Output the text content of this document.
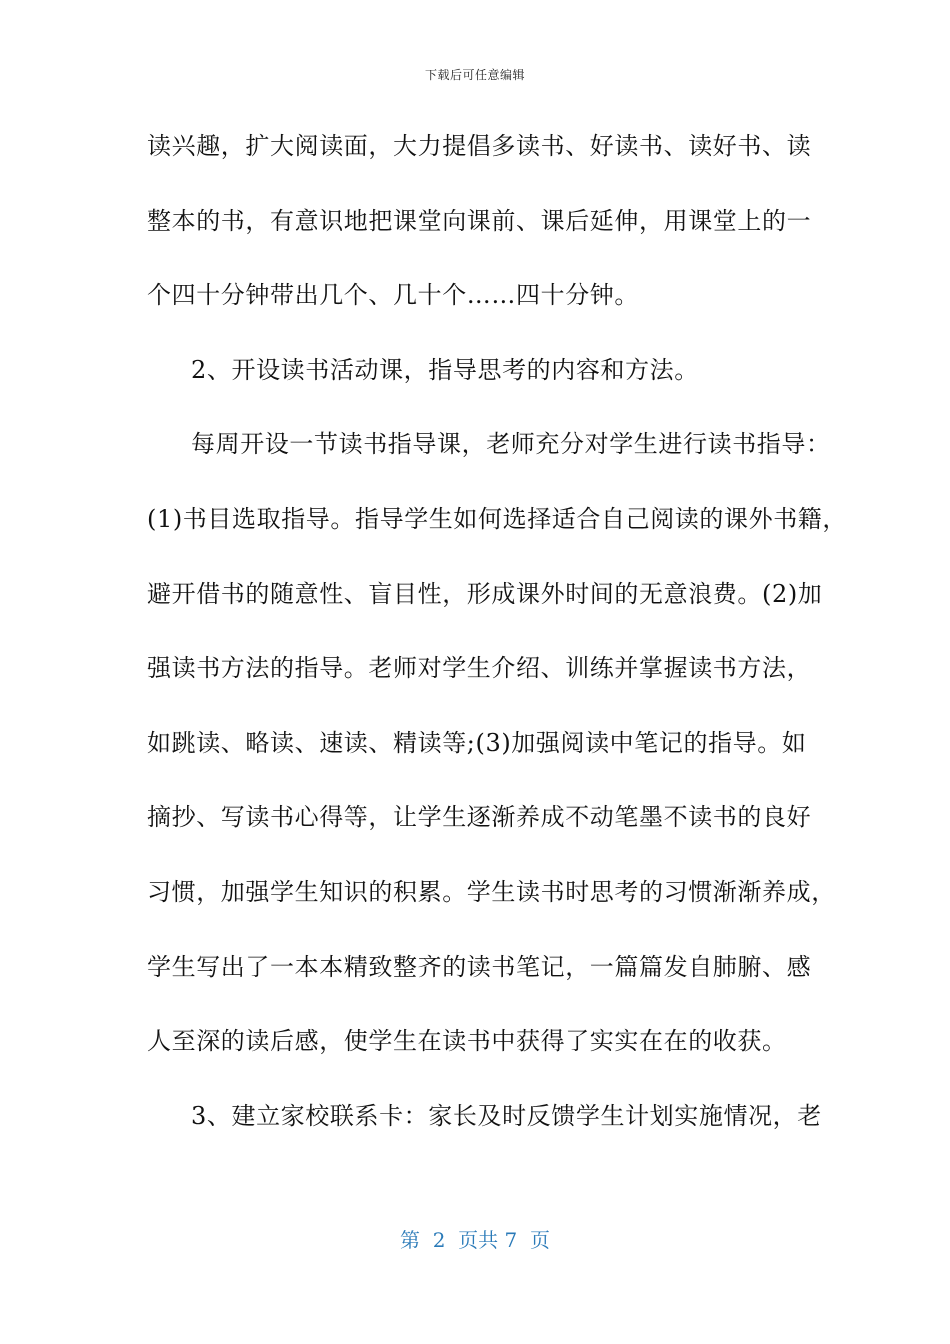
下载后可任意编辑
读兴趣，扩大阅读面，大力提倡多读书、好读书、读好书、读
整本的书，有意识地把课堂向课前、课后延伸，用课堂上的一
个四十分钟带出几个、几十个……四十分钟。
2、开设读书活动课，指导思考的内容和方法。
每周开设一节读书指导课，老师充分对学生进行读书指导：
(1)书目选取指导。指导学生如何选择适合自己阅读的课外书籍，
避开借书的随意性、盲目性，形成课外时间的无意浪费。(2)加
强读书方法的指导。老师对学生介绍、训练并掌握读书方法，
如跳读、略读、速读、精读等;(3)加强阅读中笔记的指导。如
摘抄、写读书心得等，让学生逐渐养成不动笔墨不读书的良好
习惯，加强学生知识的积累。学生读书时思考的习惯渐渐养成，
学生写出了一本本精致整齐的读书笔记，一篇篇发自肺腑、感
人至深的读后感，使学生在读书中获得了实实在在的收获。
3、建立家校联系卡：家长及时反馈学生计划实施情况，老
第  2  页共 7  页
